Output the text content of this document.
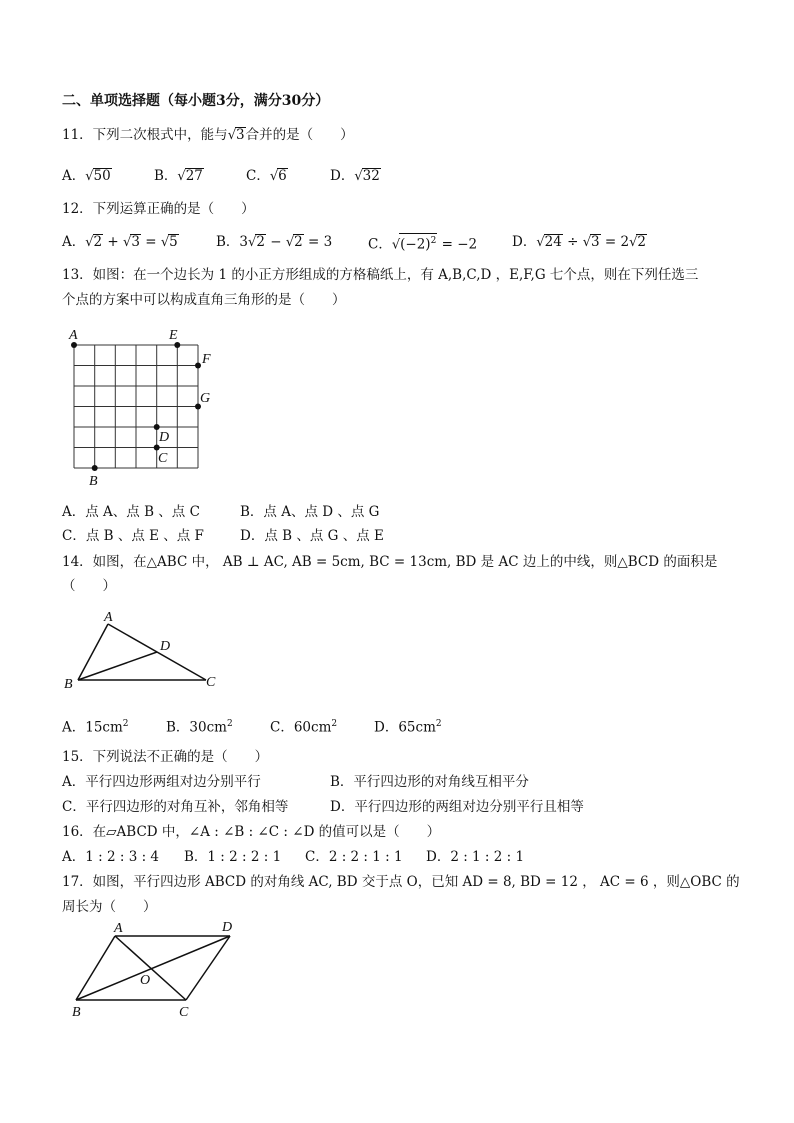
二、单项选择题（每小题3分，满分30分）
11．下列二次根式中，能与√3合并的是（　　）
A．√50	B．√27	C．√6	D．√32
12．下列运算正确的是（　　）
A．√2 + √3 = √5	B．3√2 − √2 = 3	C．$√(-2)^2 = -2$	D．√24 ÷ √3 = 2√2
13．如图：在一个边长为 1 的小正方形组成的方格稿纸上，有 A,B,C,D ，E,F,G 七个点，则在下列任选三
个点的方案中可以构成直角三角形的是（　　）
A	E
F
G
D
C
B
A．点 A、点 B 、点 C	B．点 A、点 D 、点 G
C．点 B 、点 E 、点 F	D．点 B 、点 G 、点 E
14．如图，在△ABC 中， AB ⊥ AC, AB = 5cm, BC = 13cm, BD 是 AC 边上的中线，则△BCD 的面积是
（　　）
A
B	C
D
A．$15cm^2$	B．$30cm^2$	C．$60cm^2$	D．$65cm^2$
15．下列说法不正确的是（　　）
A．平行四边形两组对边分别平行	B．平行四边形的对角线互相平分
C．平行四边形的对角互补，邻角相等	D．平行四边形的两组对边分别平行且相等
16．在▱ABCD 中，∠A : ∠B : ∠C : ∠D 的值可以是（　　）
A．1 : 2 : 3 : 4 B．1 : 2 : 2 : 1 C．2 : 2 : 1 : 1 D．2 : 1 : 2 : 1
17．如图，平行四边形 ABCD 的对角线 AC, BD 交于点 O，已知 AD = 8, BD = 12 ， AC = 6 ，则△OBC 的
周长为（　　）
A	D
B	C
O
